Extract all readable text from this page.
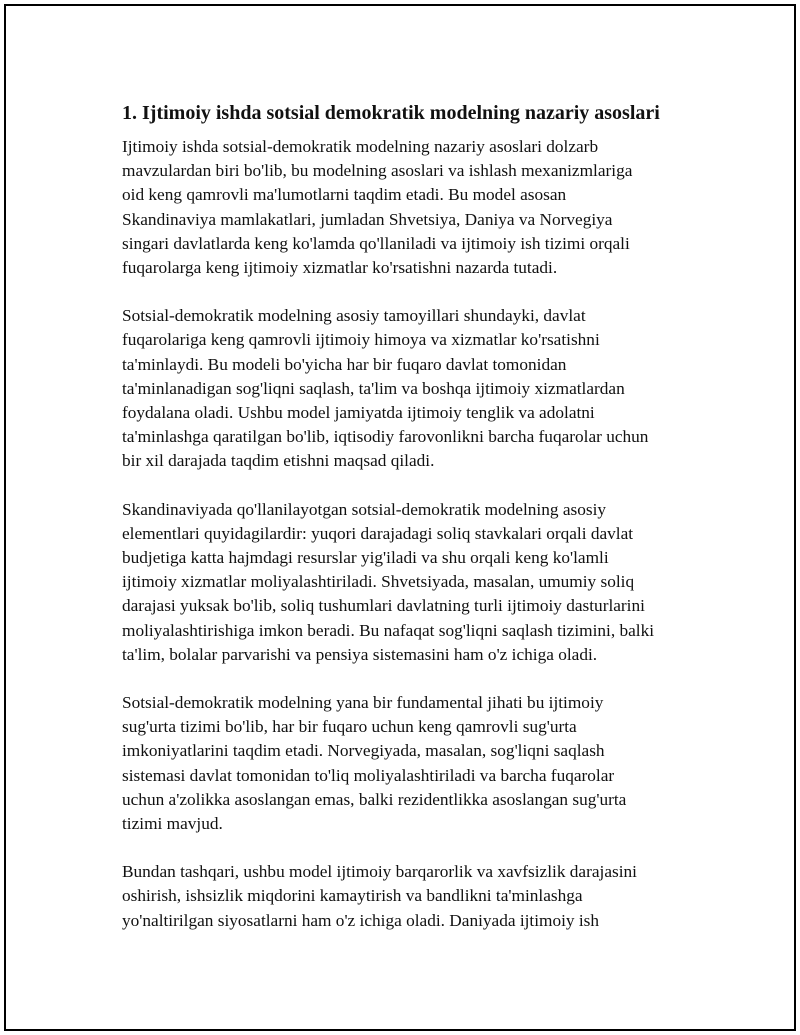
1. Ijtimoiy ishda sotsial demokratik modelning nazariy asoslari
Ijtimoiy ishda sotsial-demokratik modelning nazariy asoslari dolzarb
mavzulardan biri bo'lib, bu modelning asoslari va ishlash mexanizmlariga
oid keng qamrovli ma'lumotlarni taqdim etadi. Bu model asosan
Skandinaviya mamlakatlari, jumladan Shvetsiya, Daniya va Norvegiya
singari davlatlarda keng ko'lamda qo'llaniladi va ijtimoiy ish tizimi orqali
fuqarolarga keng ijtimoiy xizmatlar ko'rsatishni nazarda tutadi.
Sotsial-demokratik modelning asosiy tamoyillari shundayki, davlat
fuqarolariga keng qamrovli ijtimoiy himoya va xizmatlar ko'rsatishni
ta'minlaydi. Bu modeli bo'yicha har bir fuqaro davlat tomonidan
ta'minlanadigan sog'liqni saqlash, ta'lim va boshqa ijtimoiy xizmatlardan
foydalana oladi. Ushbu model jamiyatda ijtimoiy tenglik va adolatni
ta'minlashga qaratilgan bo'lib, iqtisodiy farovonlikni barcha fuqarolar uchun
bir xil darajada taqdim etishni maqsad qiladi.
Skandinaviyada qo'llanilayotgan sotsial-demokratik modelning asosiy
elementlari quyidagilardir: yuqori darajadagi soliq stavkalari orqali davlat
budjetiga katta hajmdagi resurslar yig'iladi va shu orqali keng ko'lamli
ijtimoiy xizmatlar moliyalashtiriladi. Shvetsiyada, masalan, umumiy soliq
darajasi yuksak bo'lib, soliq tushumlari davlatning turli ijtimoiy dasturlarini
moliyalashtirishiga imkon beradi. Bu nafaqat sog'liqni saqlash tizimini, balki
ta'lim, bolalar parvarishi va pensiya sistemasini ham o'z ichiga oladi.
Sotsial-demokratik modelning yana bir fundamental jihati bu ijtimoiy
sug'urta tizimi bo'lib, har bir fuqaro uchun keng qamrovli sug'urta
imkoniyatlarini taqdim etadi. Norvegiyada, masalan, sog'liqni saqlash
sistemasi davlat tomonidan to'liq moliyalashtiriladi va barcha fuqarolar
uchun a'zolikka asoslangan emas, balki rezidentlikka asoslangan sug'urta
tizimi mavjud.
Bundan tashqari, ushbu model ijtimoiy barqarorlik va xavfsizlik darajasini
oshirish, ishsizlik miqdorini kamaytirish va bandlikni ta'minlashga
yo'naltirilgan siyosatlarni ham o'z ichiga oladi. Daniyada ijtimoiy ish
